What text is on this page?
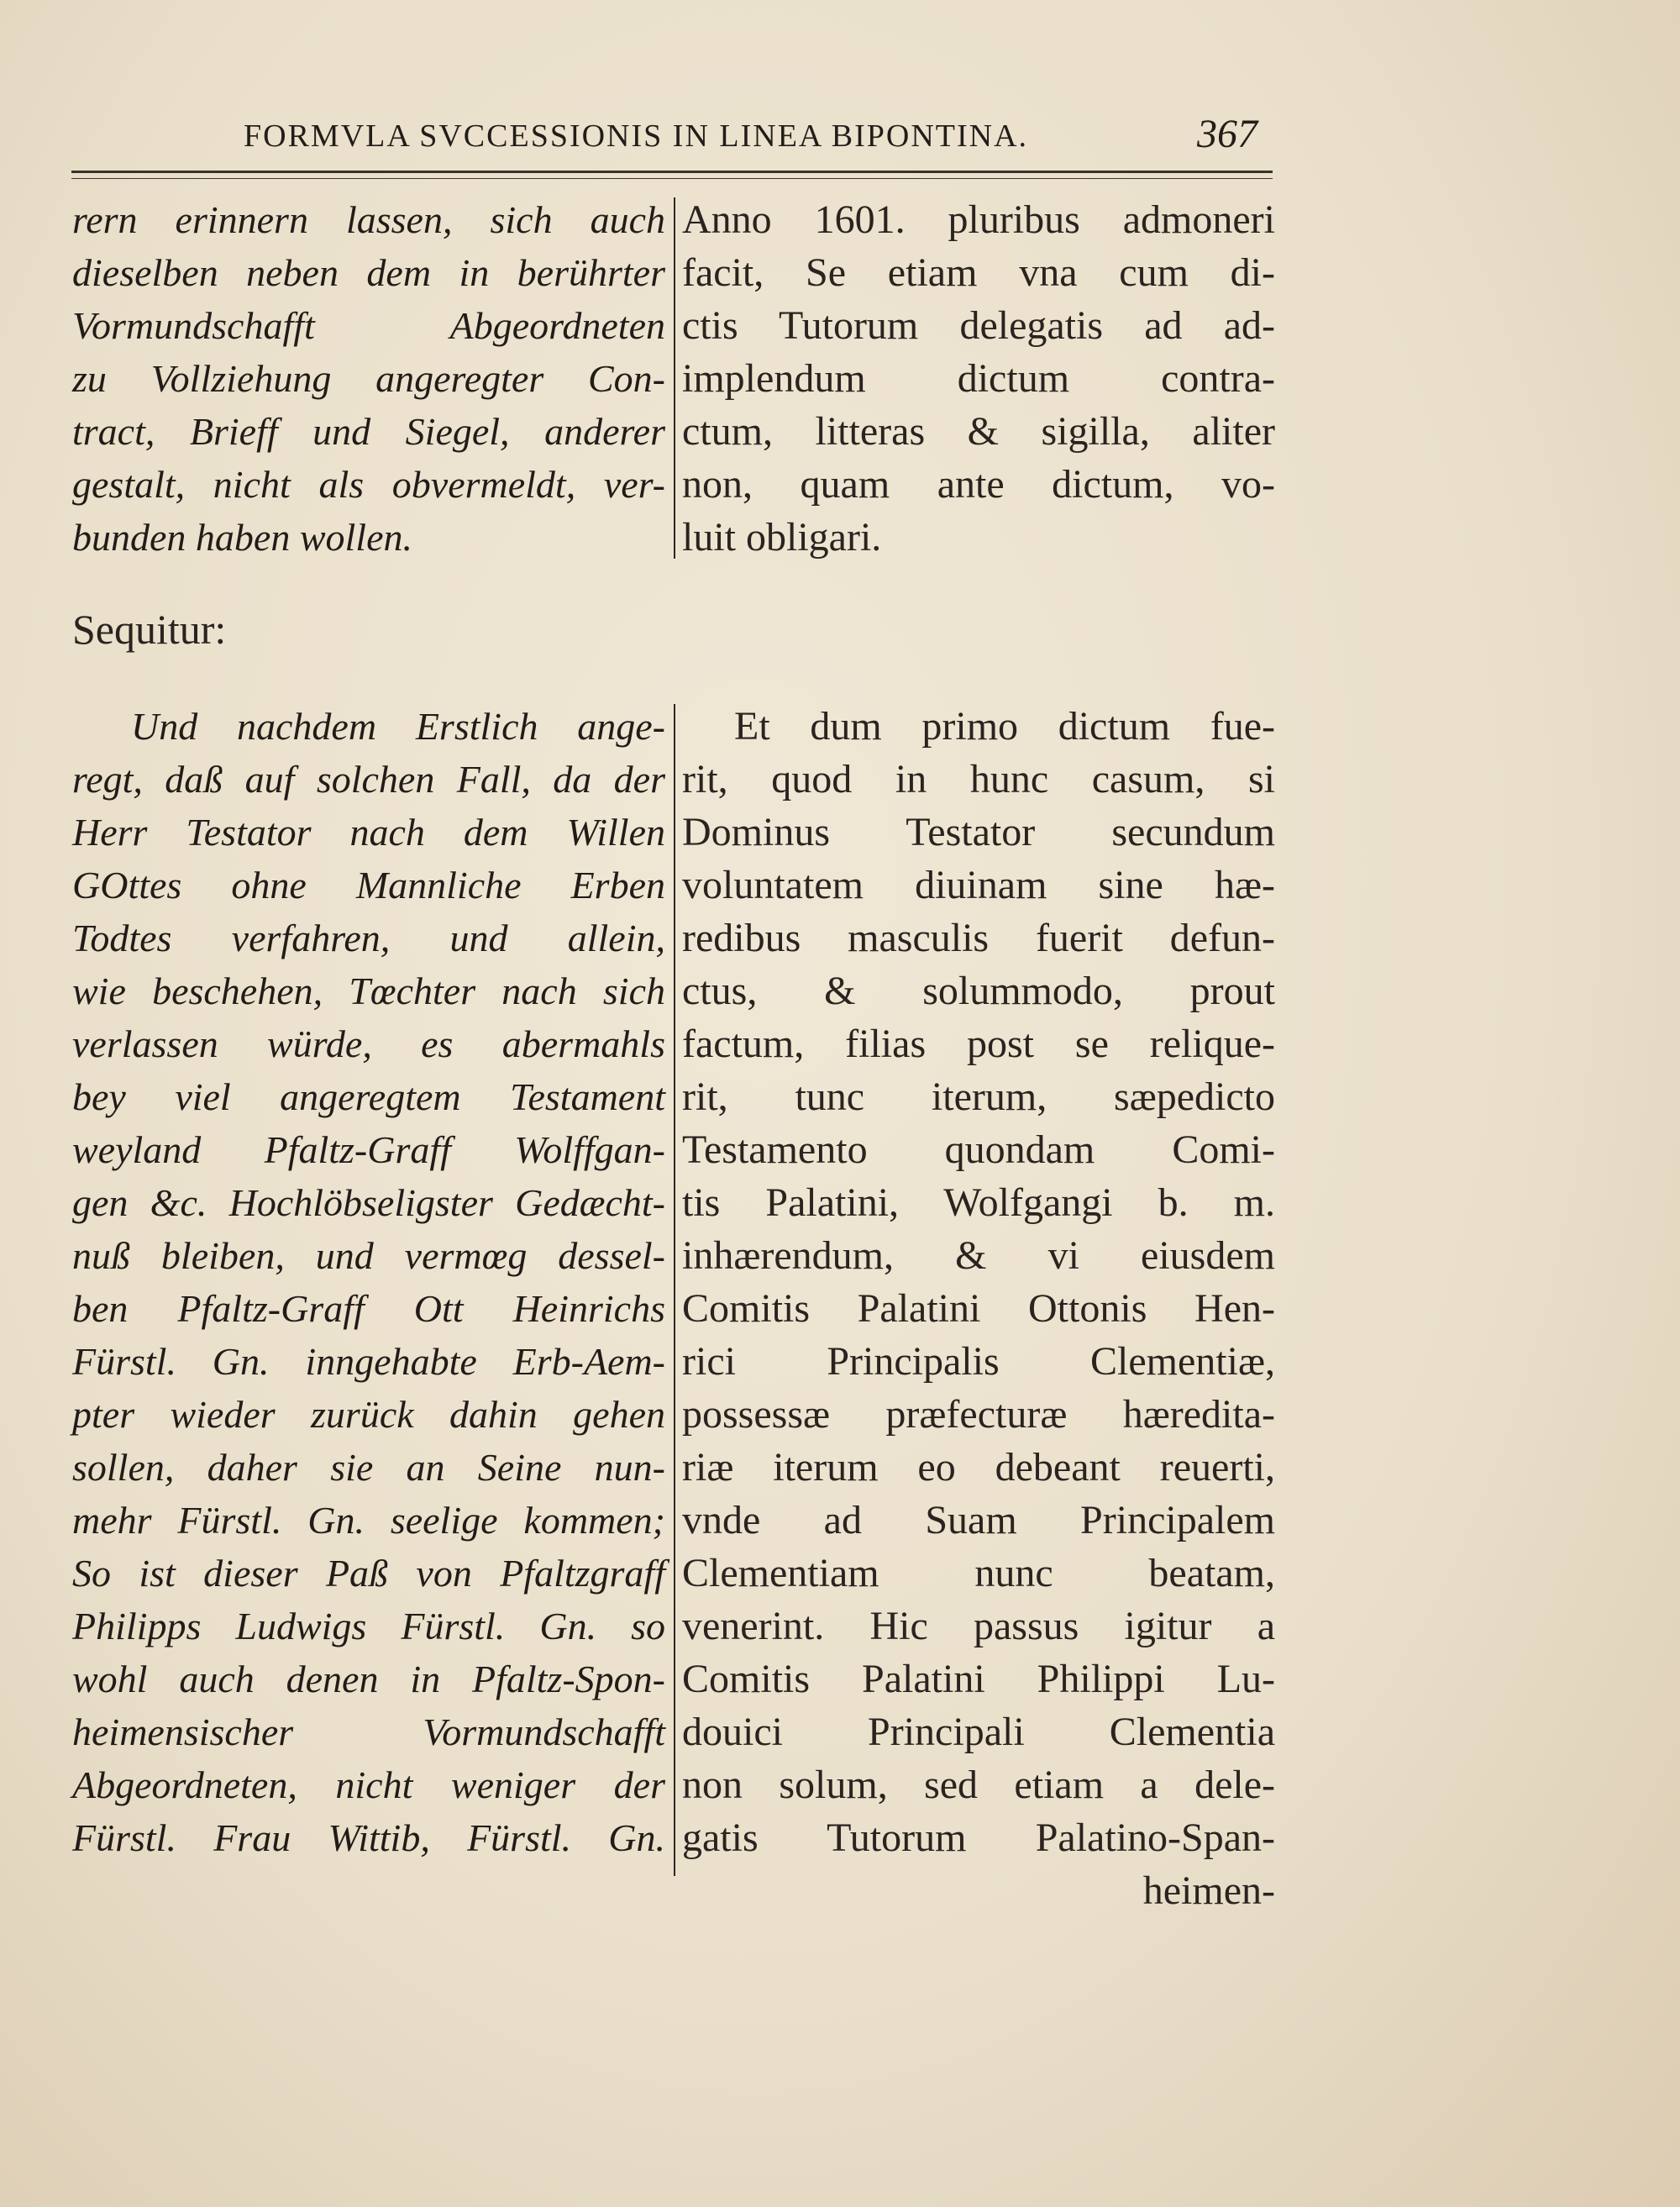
FORMVLA SVCCESSIONIS IN LINEA BIPONTINA.	367
rern erinnern lassen, sich auch
dieselben neben dem in berührter
Vormundschafft Abgeordneten
zu Vollziehung angeregter Con-
tract, Brieff und Siegel, anderer
gestalt, nicht als obvermeldt, ver-
bunden haben wollen.
Anno 1601. pluribus admoneri
facit, Se etiam vna cum di-
ctis Tutorum delegatis ad ad-
implendum dictum contra-
ctum, litteras & sigilla, aliter
non, quam ante dictum, vo-
luit obligari.
Sequitur:
Und nachdem Erstlich ange-
regt, daß auf solchen Fall, da der
Herr Testator nach dem Willen
GOttes ohne Mannliche Erben
Todtes verfahren, und allein,
wie beschehen, Tœchter nach sich
verlassen würde, es abermahls
bey viel angeregtem Testament
weyland Pfaltz-Graff Wolffgan-
gen &c. Hochlöbseligster Gedæcht-
nuß bleiben, und vermœg dessel-
ben Pfaltz-Graff Ott Heinrichs
Fürstl. Gn. inngehabte Erb-Aem-
pter wieder zurück dahin gehen
sollen, daher sie an Seine nun-
mehr Fürstl. Gn. seelige kommen;
So ist dieser Paß von Pfaltzgraff
Philipps Ludwigs Fürstl. Gn. so
wohl auch denen in Pfaltz-Spon-
heimensischer Vormundschafft
Abgeordneten, nicht weniger der
Fürstl. Frau Wittib, Fürstl. Gn.
Et dum primo dictum fue-
rit, quod in hunc casum, si
Dominus Testator secundum
voluntatem diuinam sine hæ-
redibus masculis fuerit defun-
ctus, & solummodo, prout
factum, filias post se relique-
rit, tunc iterum, sæpedicto
Testamento quondam Comi-
tis Palatini, Wolfgangi b. m.
inhærendum, & vi eiusdem
Comitis Palatini Ottonis Hen-
rici Principalis Clementiæ,
possessæ præfecturæ hæredita-
riæ iterum eo debeant reuerti,
vnde ad Suam Principalem
Clementiam nunc beatam,
venerint. Hic passus igitur a
Comitis Palatini Philippi Lu-
douici Principali Clementia
non solum, sed etiam a dele-
gatis Tutorum Palatino-Span-
heimen-
